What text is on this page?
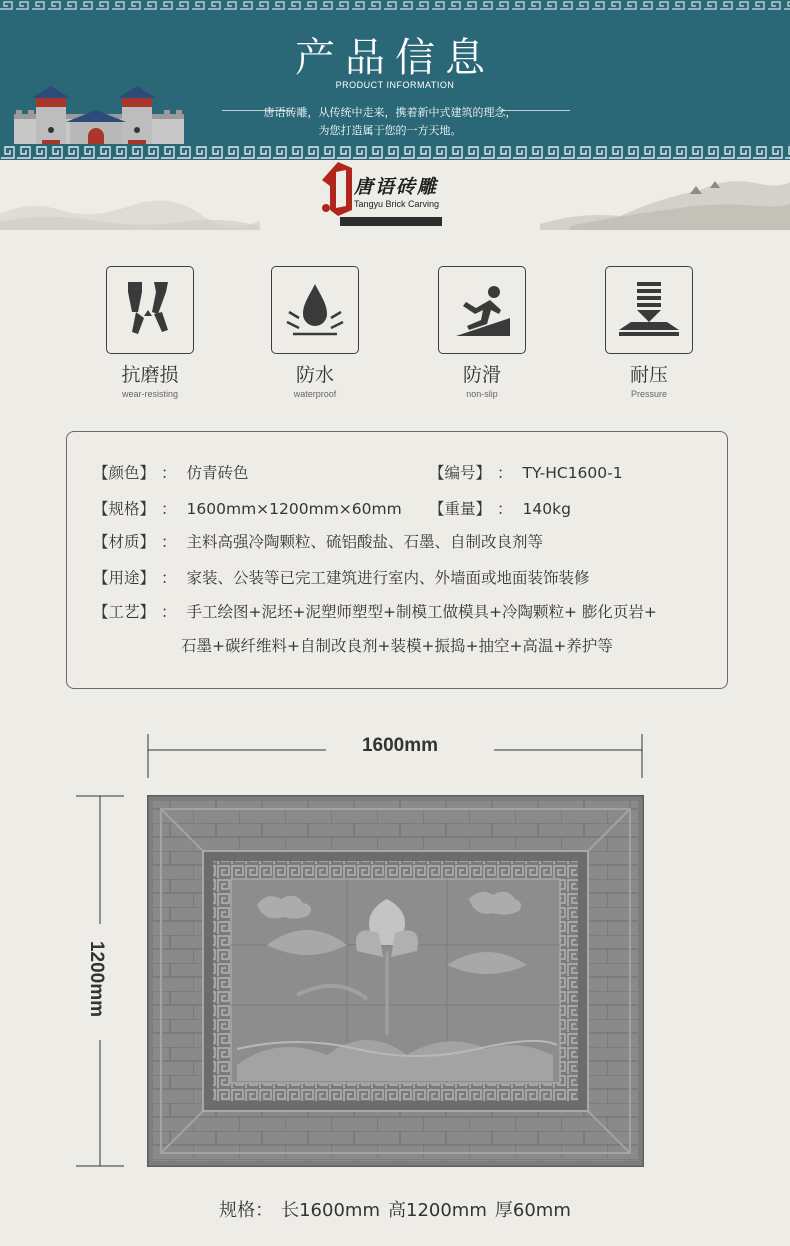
产品信息
PRODUCT INFORMATION
唐语砖雕，从传统中走来，携着新中式建筑的理念，
为您打造属于您的一方天地。
唐语砖雕
Tangyu Brick Carving
抗磨损
wear-resisting
防水
waterproof
防滑
non-slip
耐压
Pressure
【颜色】 ： 仿青砖色	【编号】 ： TY-HC1600-1
【规格】 ： 1600mm×1200mm×60mm 【重量】 ： 140kg
【材质】 ： 主料高强冷陶颗粒、硫铝酸盐、石墨、自制改良剂等
【用途】 ： 家装、公装等已完工建筑进行室内、外墙面或地面装饰装修
【工艺】 ： 手工绘图+泥坯+泥塑师塑型+制模工做模具+冷陶颗粒+ 膨化页岩+
石墨+碳纤维料+自制改良剂+装模+振捣+抽空+高温+养护等
1600mm
1200mm
规格： 长1600mm 高1200mm 厚60mm
